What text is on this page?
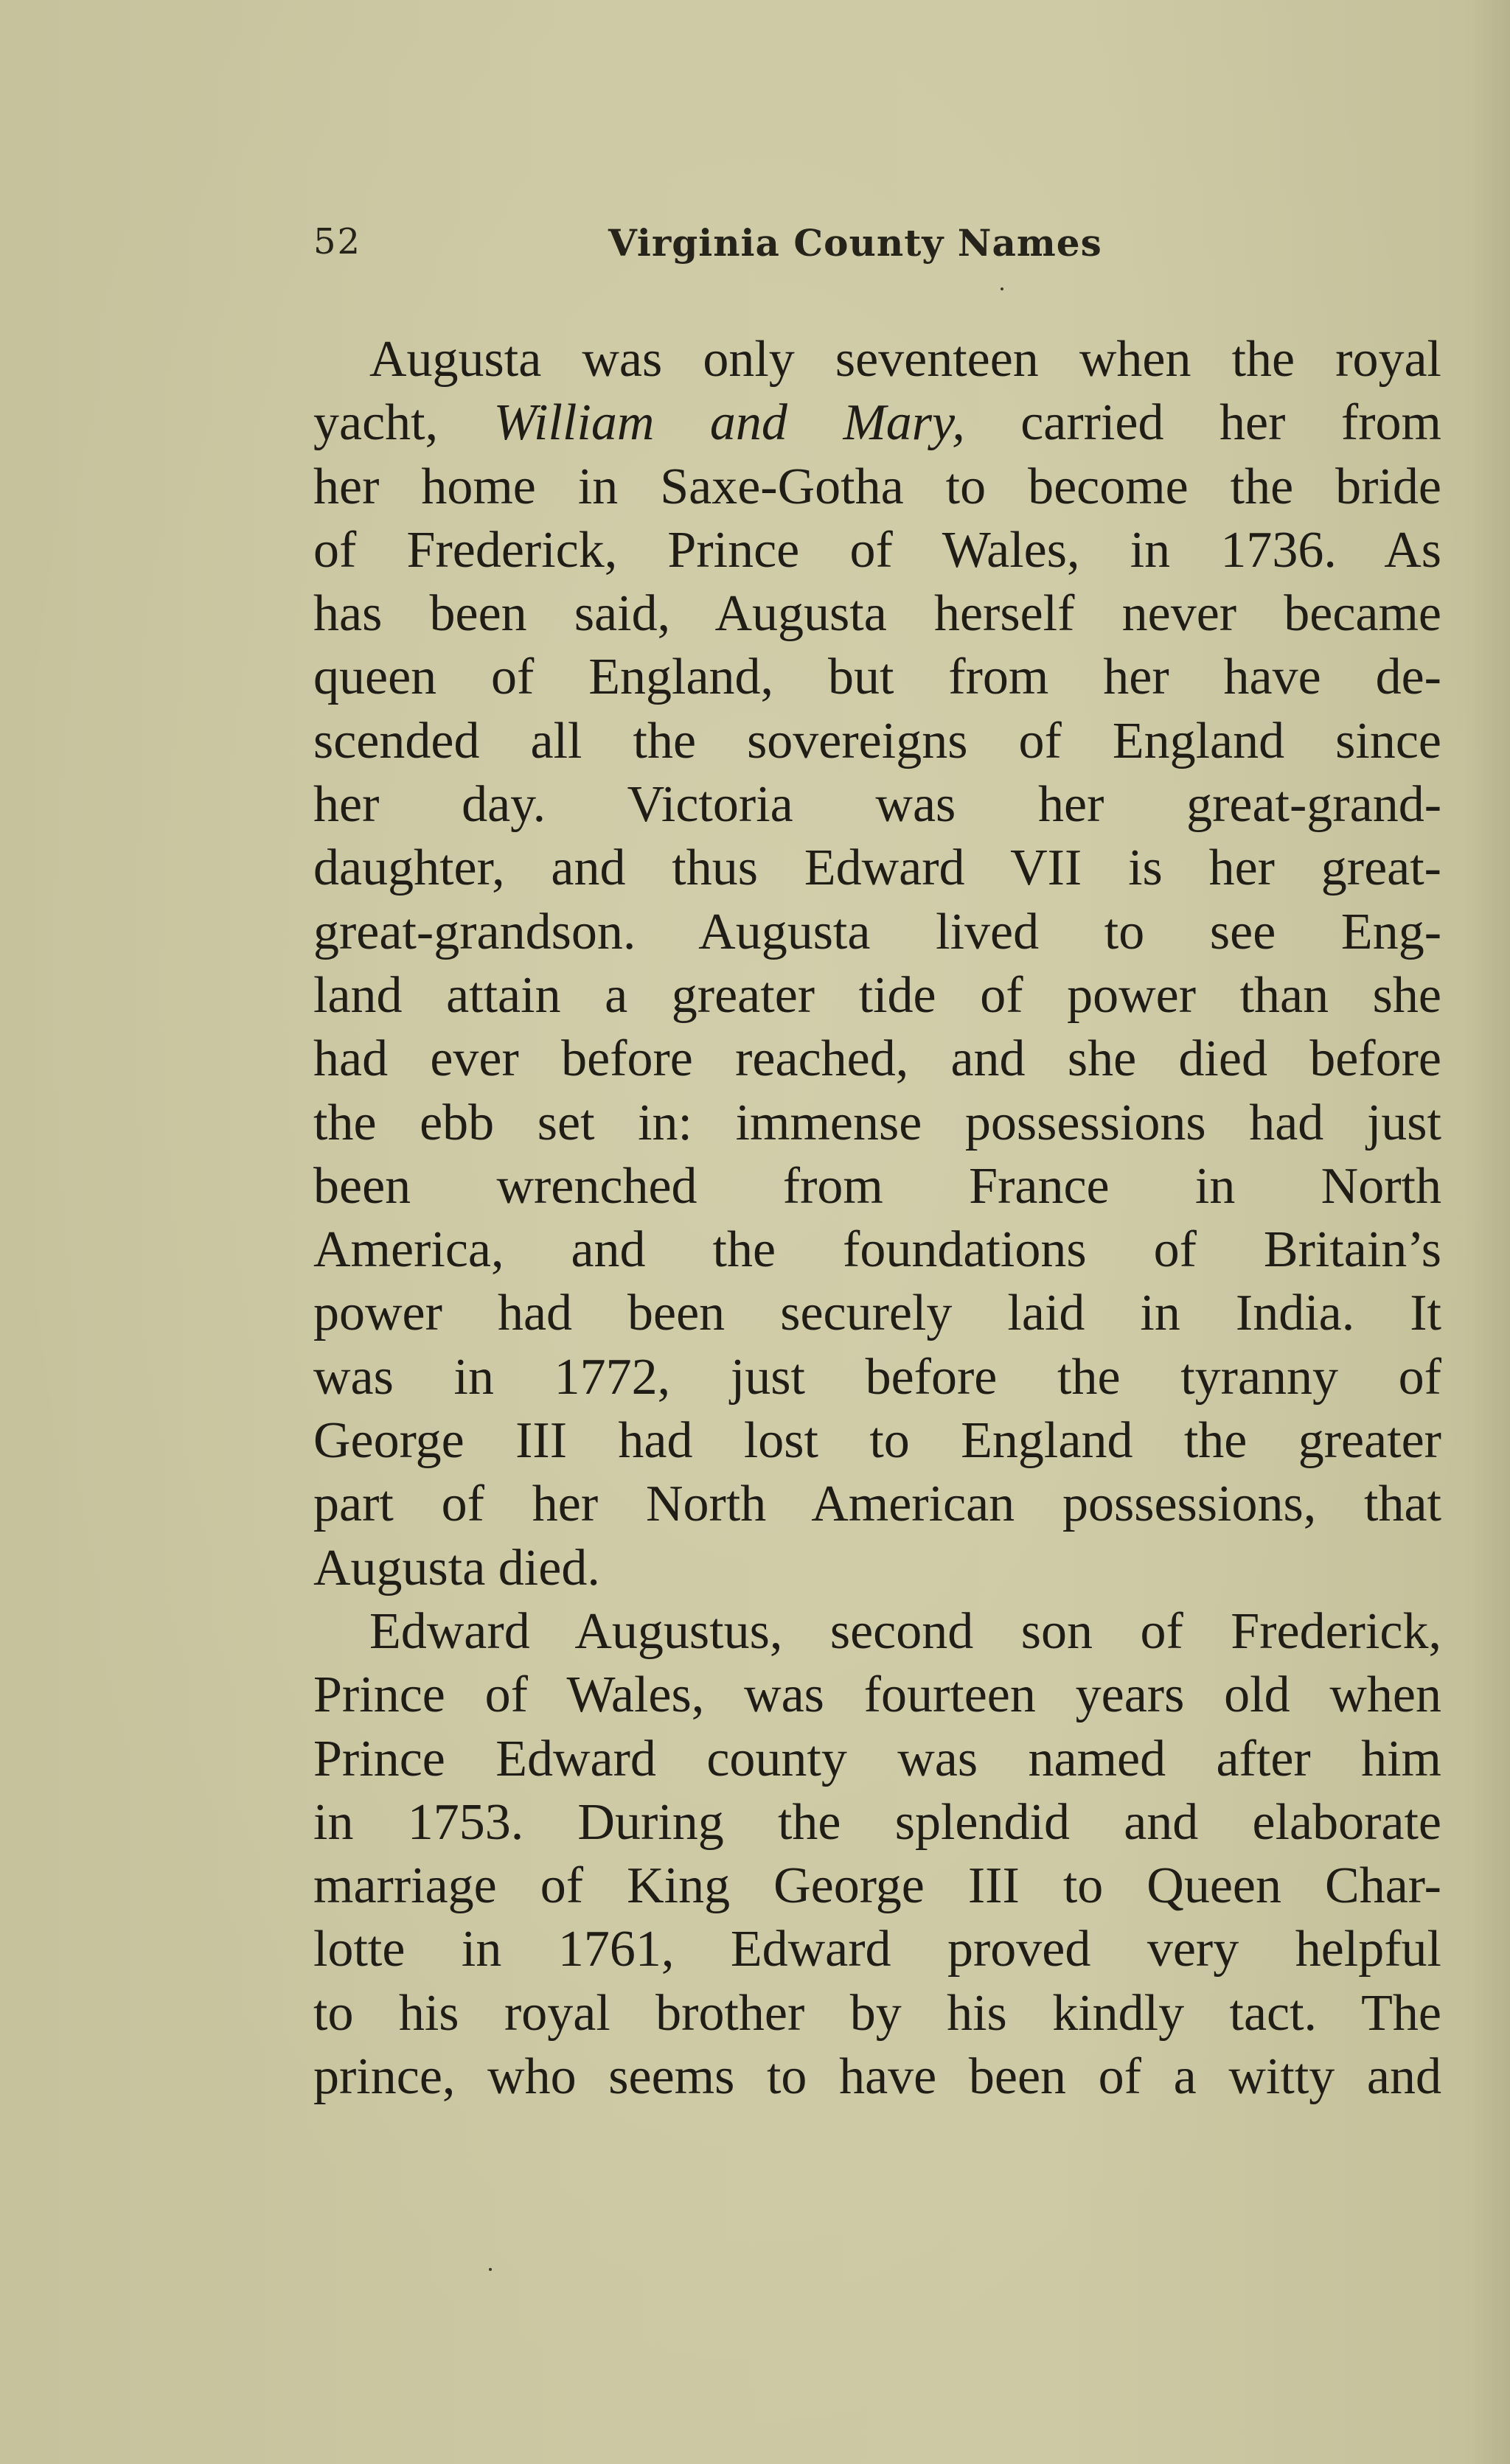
52	Virginia County Names
Augusta was only seventeen when the royal
yacht, William and Mary, carried her from
her home in Saxe-Gotha to become the bride
of Frederick, Prince of Wales, in 1736. As
has been said, Augusta herself never became
queen of England, but from her have de-
scended all the sovereigns of England since
her day. Victoria was her great-grand-
daughter, and thus Edward VII is her great-
great-grandson. Augusta lived to see Eng-
land attain a greater tide of power than she
had ever before reached, and she died before
the ebb set in: immense possessions had just
been wrenched from France in North
America, and the foundations of Britain’s
power had been securely laid in India. It
was in 1772, just before the tyranny of
George III had lost to England the greater
part of her North American possessions, that
Augusta died.
Edward Augustus, second son of Frederick,
Prince of Wales, was fourteen years old when
Prince Edward county was named after him
in 1753. During the splendid and elaborate
marriage of King George III to Queen Char-
lotte in 1761, Edward proved very helpful
to his royal brother by his kindly tact. The
prince, who seems to have been of a witty and
